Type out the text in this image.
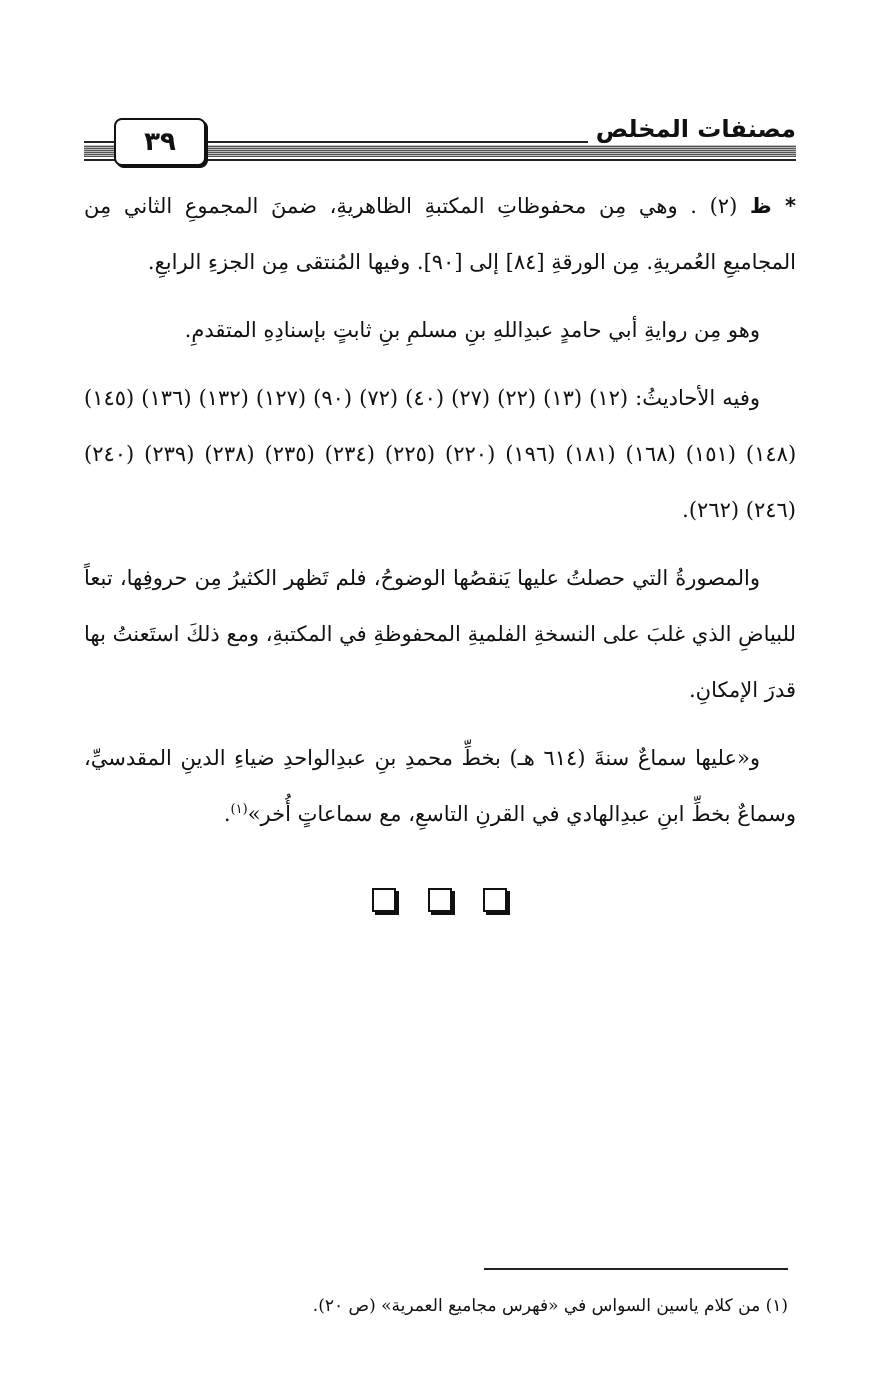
مصنفات المخلص
٣٩

* ظ (٢) . وهي مِن محفوظاتِ المكتبةِ الظاهريةِ، ضمنَ المجموعِ الثاني مِن المجاميعِ العُمريةِ. مِن الورقةِ [٨٤] إلى [٩٠]. وفيها المُنتقى مِن الجزءِ الرابعِ.

وهو مِن روايةِ أبي حامدٍ عبدِاللهِ بنِ مسلمِ بنِ ثابتٍ بإسنادِهِ المتقدمِ.

وفيه الأحاديثُ: (١٢) (١٣) (٢٢) (٢٧) (٤٠) (٧٢) (٩٠) (١٢٧) (١٣٢) (١٣٦) (١٤٥) (١٤٨) (١٥١) (١٦٨) (١٨١) (١٩٦) (٢٢٠) (٢٢٥) (٢٣٤) (٢٣٥) (٢٣٨) (٢٣٩) (٢٤٠) (٢٤٦) (٢٦٢).

والمصورةُ التي حصلتُ عليها يَنقصُها الوضوحُ، فلم تَظهر الكثيرُ مِن حروفِها، تبعاً للبياضِ الذي غلبَ على النسخةِ الفلميةِ المحفوظةِ في المكتبةِ، ومع ذلكَ استَعنتُ بها قدرَ الإمكانِ.

و«عليها سماعٌ سنةَ (٦١٤ هـ) بخطِّ محمدِ بنِ عبدِالواحدِ ضياءِ الدينِ المقدسيِّ، وسماعٌ بخطِّ ابنِ عبدِالهادي في القرنِ التاسعِ، مع سماعاتٍ أُخر»$^{(١)}$.

(١) من كلام ياسين السواس في «فهرس مجاميع العمرية» (ص ٢٠).
